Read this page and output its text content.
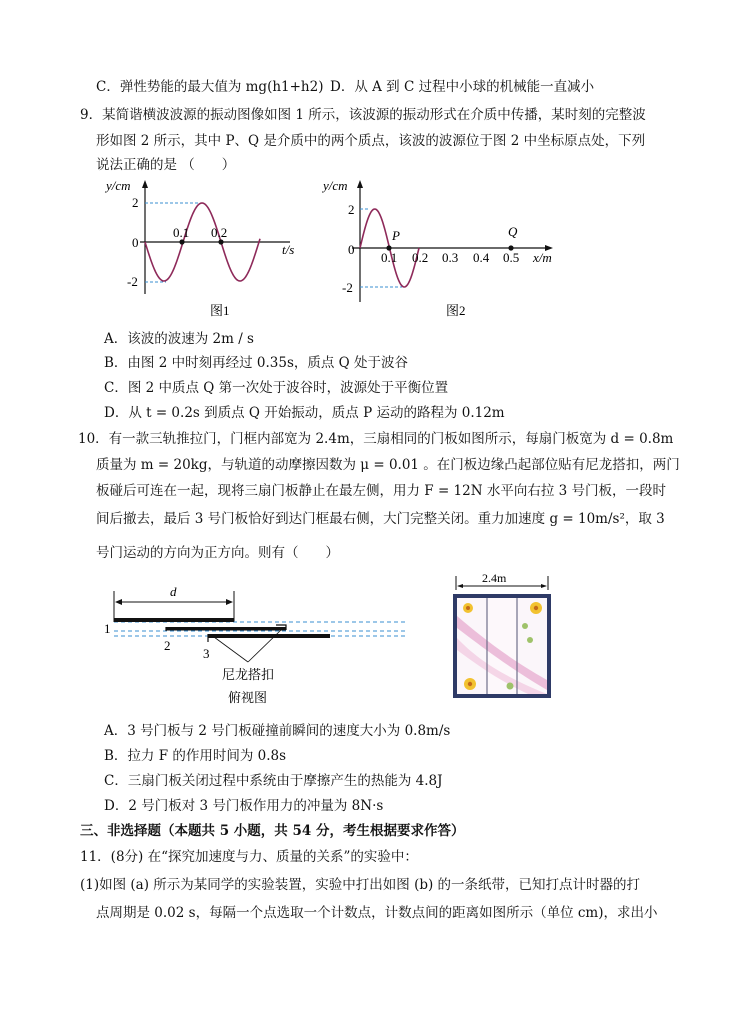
C．弹性势能的最大值为 mg(h1+h2) D．从 A 到 C 过程中小球的机械能一直减小
9．某简谐横波波源的振动图像如图 1 所示，该波源的振动形式在介质中传播，某时刻的完整波
形如图 2 所示，其中 P、Q 是介质中的两个质点，该波的波源位于图 2 中坐标原点处，下列
说法正确的是 （　　）
y/cm
2
0
-2
0.1 0.2
t/s
图1
y/cm
2
0
-2
P	Q
0.1 0.2 0.3 0.4 0.5 x/m
图2
A．该波的波速为 2m / s
B．由图 2 中时刻再经过 0.35s，质点 Q 处于波谷
C．图 2 中质点 Q 第一次处于波谷时，波源处于平衡位置
D．从 t = 0.2s 到质点 Q 开始振动，质点 P 运动的路程为 0.12m
10．有一款三轨推拉门，门框内部宽为 2.4m，三扇相同的门板如图所示，每扇门板宽为 d = 0.8m
质量为 m = 20kg，与轨道的动摩擦因数为 μ = 0.01 。在门板边缘凸起部位贴有尼龙搭扣，两门
板碰后可连在一起，现将三扇门板静止在最左侧，用力 F = 12N 水平向右拉 3 号门板，一段时
间后撤去，最后 3 号门板恰好到达门框最右侧，大门完整关闭。重力加速度 g = 10m/s²，取 3
号门运动的方向为正方向。则有（　　）
d
1
2
3
尼龙搭扣
俯视图
2.4m
A．3 号门板与 2 号门板碰撞前瞬间的速度大小为 0.8m/s
B．拉力 F 的作用时间为 0.8s
C．三扇门板关闭过程中系统由于摩擦产生的热能为 4.8J
D．2 号门板对 3 号门板作用力的冲量为 8N·s
三、非选择题（本题共 5 小题，共 54 分，考生根据要求作答）
11．(8分) 在“探究加速度与力、质量的关系”的实验中：
(1)如图 (a) 所示为某同学的实验装置，实验中打出如图 (b) 的一条纸带，已知打点计时器的打
点周期是 0.02 s，每隔一个点选取一个计数点，计数点间的距离如图所示（单位 cm)，求出小
